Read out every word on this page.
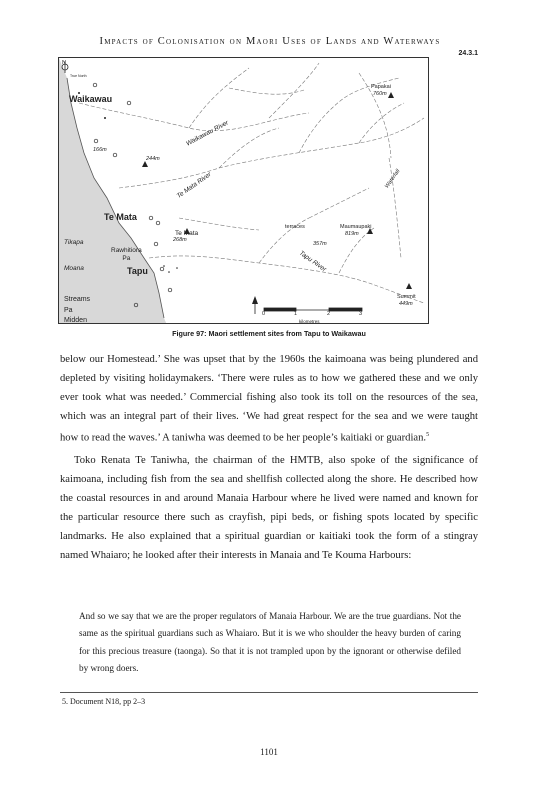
Impacts of Colonisation on Maori Uses of Lands and Waterways
24.3.1
N
True North
Waikawau
Te Mata
Tapu
Te Mata
Tikapa
Rawhitiora
Pa
Moana
Papakai
760m
Maumaupaki
819m
Summit
449m
166m
244m
268m
357m
terraces
Waikawau River
Te Mata River
Tapu River
Waterfall
Streams
Pa
Midden
0	1	2	3
kilometres
Figure 97: Maori settlement sites from Tapu to Waikawau
below our Homestead.’ She was upset that by the 1960s the kaimoana was being plundered and depleted by visiting holidaymakers. ‘There were rules as to how we gathered these and we only ever took what was needed.’ Commercial fishing also took its toll on the resources of the sea, which was an integral part of their lives. ‘We had great respect for the sea and we were taught how to read the waves.’ A taniwha was deemed to be her people’s kaitiaki or guardian.$^5$
Toko Renata Te Taniwha, the chairman of the HMTB, also spoke of the significance of kaimoana, including fish from the sea and shellfish collected along the shore. He described how the coastal resources in and around Manaia Harbour where he lived were named and known for the particular resource there such as crayfish, pipi beds, or fishing spots located by specific landmarks. He also explained that a spiritual guardian or kaitiaki took the form of a stingray named Whaiaro; he looked after their interests in Manaia and Te Kouma Harbours:
And so we say that we are the proper regulators of Manaia Harbour. We are the true guardians. Not the same as the spiritual guardians such as Whaiaro. But it is we who shoulder the heavy burden of caring for this precious treasure (taonga). So that it is not trampled upon by the ignorant or otherwise defiled by wrong doers.
5. Document N18, pp 2–3
1101
